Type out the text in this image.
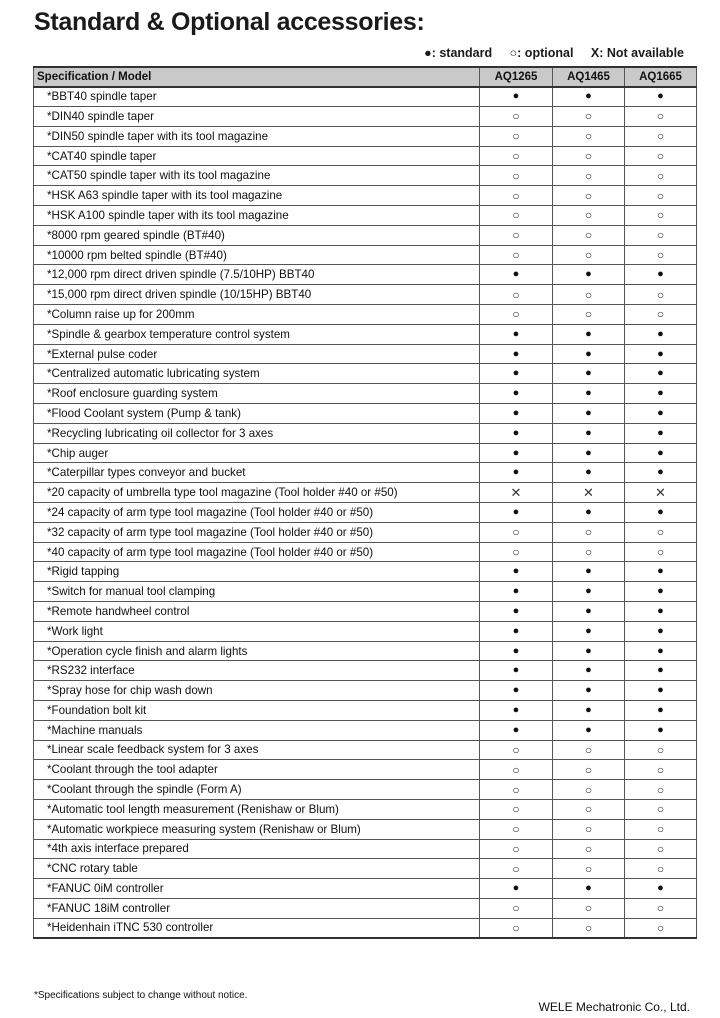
Standard & Optional accessories:
●: standard ○: optional X: Not available
Specification / Model	AQ1265	AQ1465	AQ1665
*BBT40 spindle taper	●	●	●
*DIN40 spindle taper	○	○	○
*DIN50 spindle taper with its tool magazine	○	○	○
*CAT40 spindle taper	○	○	○
*CAT50 spindle taper with its tool magazine	○	○	○
*HSK A63 spindle taper with its tool magazine	○	○	○
*HSK A100 spindle taper with its tool magazine	○	○	○
*8000 rpm geared spindle (BT#40)	○	○	○
*10000 rpm belted spindle (BT#40)	○	○	○
*12,000 rpm direct driven spindle (7.5/10HP) BBT40	●	●	●
*15,000 rpm direct driven spindle (10/15HP) BBT40	○	○	○
*Column raise up for 200mm	○	○	○
*Spindle & gearbox temperature control system	●	●	●
*External pulse coder	●	●	●
*Centralized automatic lubricating system	●	●	●
*Roof enclosure guarding system	●	●	●
*Flood Coolant system (Pump & tank)	●	●	●
*Recycling lubricating oil collector for 3 axes	●	●	●
*Chip auger	●	●	●
*Caterpillar types conveyor and bucket	●	●	●
*20 capacity of umbrella type tool magazine (Tool holder #40 or #50)	✕	✕	✕
*24 capacity of arm type tool magazine (Tool holder #40 or #50)	●	●	●
*32 capacity of arm type tool magazine (Tool holder #40 or #50)	○	○	○
*40 capacity of arm type tool magazine (Tool holder #40 or #50)	○	○	○
*Rigid tapping	●	●	●
*Switch for manual tool clamping	●	●	●
*Remote handwheel control	●	●	●
*Work light	●	●	●
*Operation cycle finish and alarm lights	●	●	●
*RS232 interface	●	●	●
*Spray hose for chip wash down	●	●	●
*Foundation bolt kit	●	●	●
*Machine manuals	●	●	●
*Linear scale feedback system for 3 axes	○	○	○
*Coolant through the tool adapter	○	○	○
*Coolant through the spindle (Form A)	○	○	○
*Automatic tool length measurement (Renishaw or Blum)	○	○	○
*Automatic workpiece measuring system (Renishaw or Blum)	○	○	○
*4th axis interface prepared	○	○	○
*CNC rotary table	○	○	○
*FANUC 0iM controller	●	●	●
*FANUC 18iM controller	○	○	○
*Heidenhain iTNC 530 controller	○	○	○
*Specifications subject to change without notice.
WELE Mechatronic Co., Ltd.
